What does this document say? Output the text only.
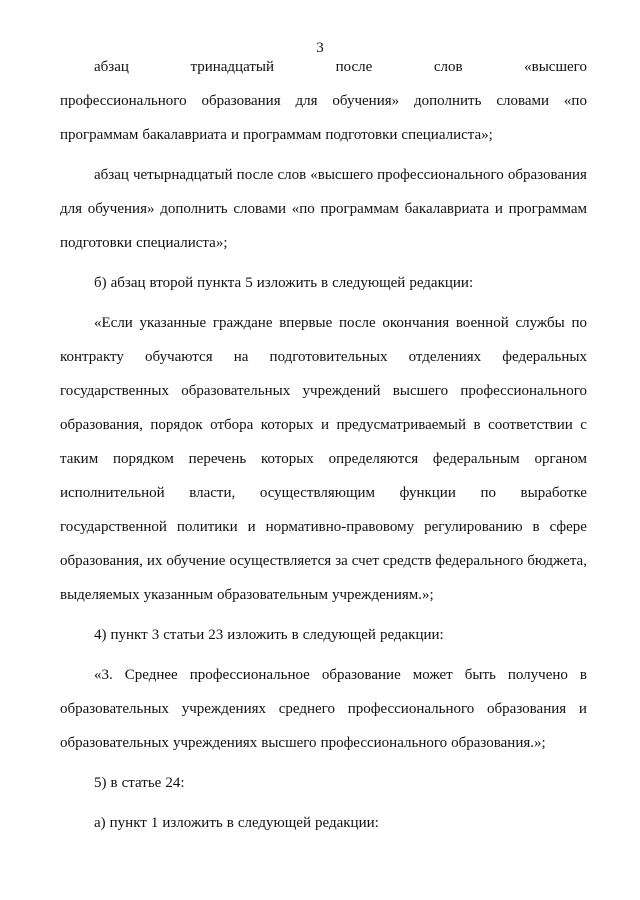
3
абзац	тринадцатый	после	слов	«высшего
профессионального образования для обучения» дополнить словами «по
программам бакалавриата и программам подготовки специалиста»;
абзац четырнадцатый после слов «высшего профессионального образования
для обучения» дополнить словами «по программам бакалавриата и программам
подготовки специалиста»;
б) абзац второй пункта 5 изложить в следующей редакции:
«Если указанные граждане впервые после окончания военной службы по
контракту обучаются на подготовительных отделениях федеральных
государственных образовательных учреждений высшего профессионального
образования, порядок отбора которых и предусматриваемый в соответствии с
таким порядком перечень которых определяются федеральным органом
исполнительной власти, осуществляющим функции по выработке
государственной политики и нормативно-правовому регулированию в сфере
образования, их обучение осуществляется за счет средств федерального бюджета,
выделяемых указанным образовательным учреждениям.»;
4) пункт 3 статьи 23 изложить в следующей редакции:
«3. Среднее профессиональное образование может быть получено в
образовательных учреждениях среднего профессионального образования и
образовательных учреждениях высшего профессионального образования.»;
5) в статье 24:
а) пункт 1 изложить в следующей редакции:
